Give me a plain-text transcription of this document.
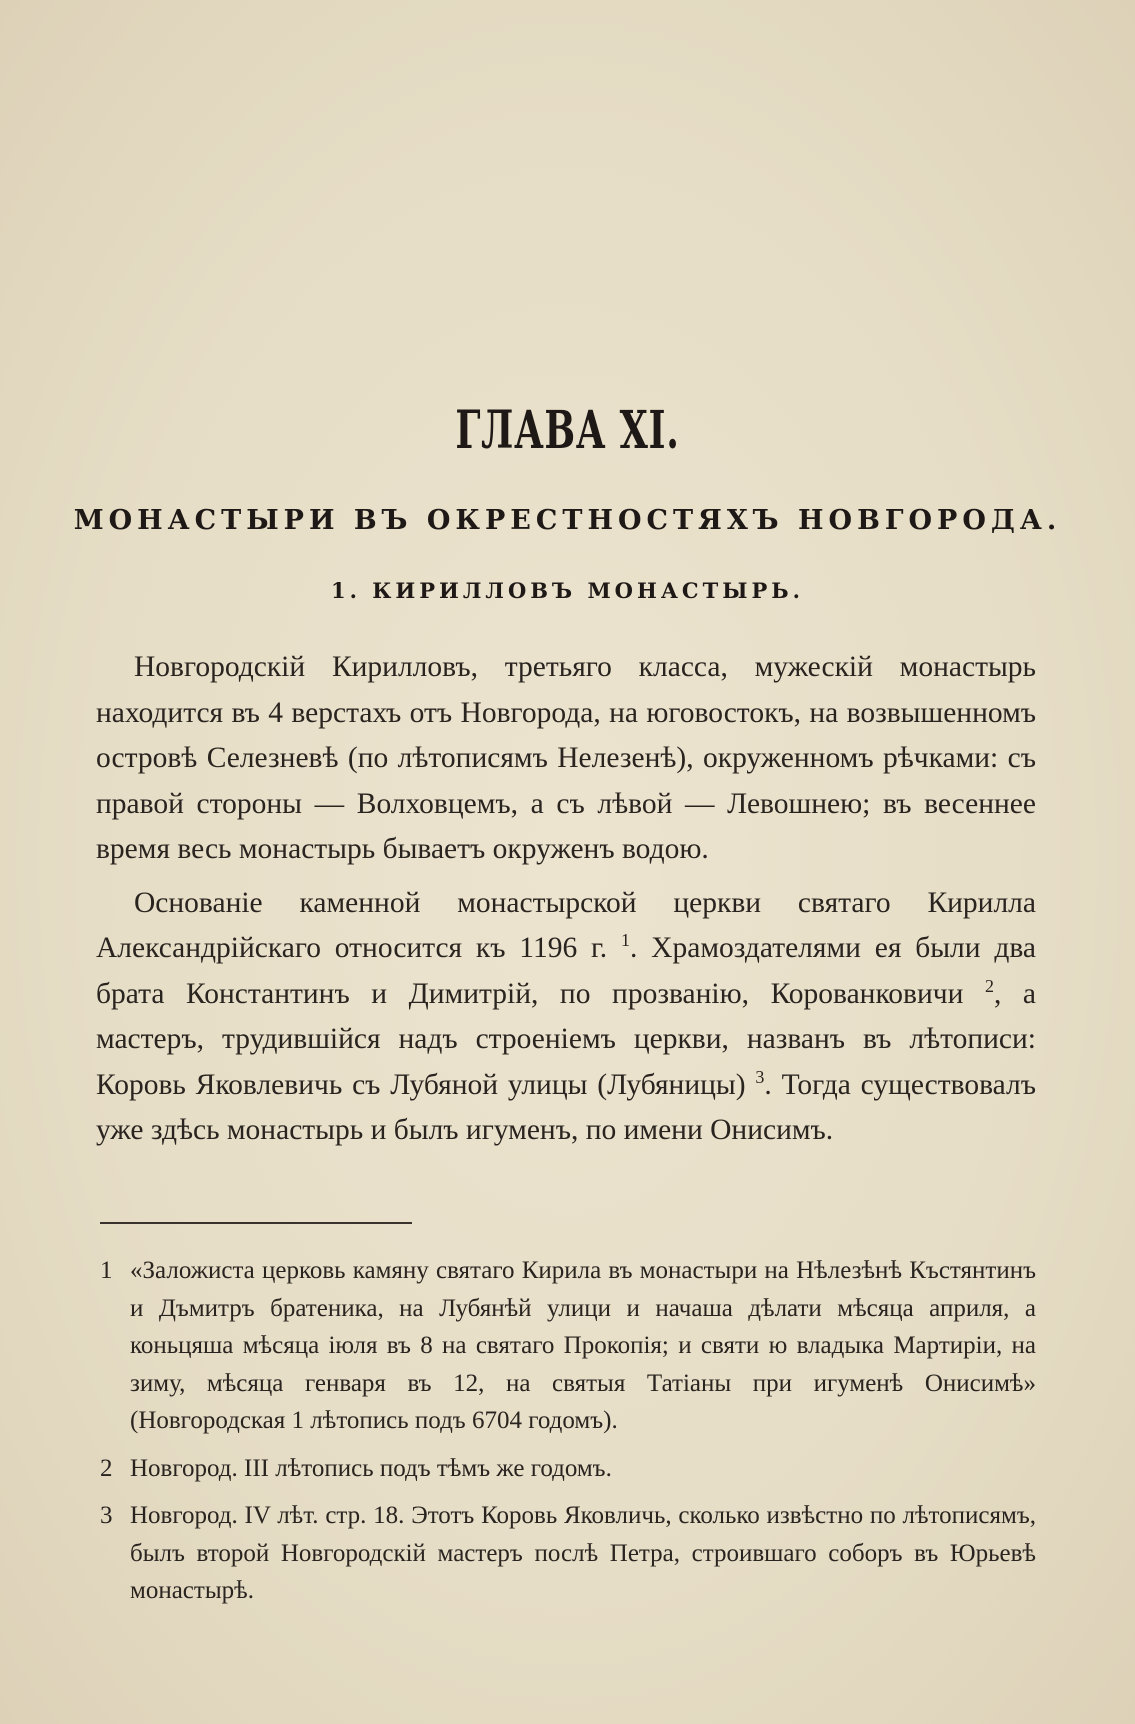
ГЛАВА XI.
МОНАСТЫРИ ВЪ ОКРЕСТНОСТЯХЪ НОВГОРОДА.
1. КИРИЛЛОВЪ МОНАСТЫРЬ.

Новгородскій Кирилловъ, третьяго класса, мужескій монастырь находится въ 4 верстахъ отъ Новгорода, на юговостокъ, на возвышенномъ островѣ Селезневѣ (по лѣтописямъ Нелезенѣ), окруженномъ рѣчками: съ правой стороны — Волховцемъ, а съ лѣвой — Левошнею; въ весеннее время весь монастырь бываетъ окруженъ водою.

Основаніе каменной монастырской церкви святаго Кирилла Александрійскаго относится къ 1196 г. $^1$. Храмоздателями ея были два брата Константинъ и Димитрій, по прозванію, Корованковичи $^2$, а мастеръ, трудившійся надъ строеніемъ церкви, названъ въ лѣтописи: Коровь Яковлевичь съ Лубяной улицы (Лубяницы) $^3$. Тогда существовалъ уже здѣсь монастырь и былъ игуменъ, по имени Онисимъ.

1 «Заложиста церковь камяну святаго Кирила въ монастыри на Нѣлезѣнѣ Къстянтинъ и Дъмитръ братеника, на Лубянѣй улици и начаша дѣлати мѣсяца априля, а коньцяша мѣсяца іюля въ 8 на святаго Прокопія; и святи ю владыка Мартиріи, на зиму, мѣсяца генваря въ 12, на святыя Татіаны при игуменѣ Онисимѣ» (Новгородская 1 лѣтопись подъ 6704 годомъ).
2 Новгород. III лѣтопись подъ тѣмъ же годомъ.
3 Новгород. IV лѣт. стр. 18. Этотъ Коровь Яковличь, сколько извѣстно по лѣтописямъ, былъ второй Новгородскій мастеръ послѣ Петра, строившаго соборъ въ Юрьевѣ монастырѣ.
